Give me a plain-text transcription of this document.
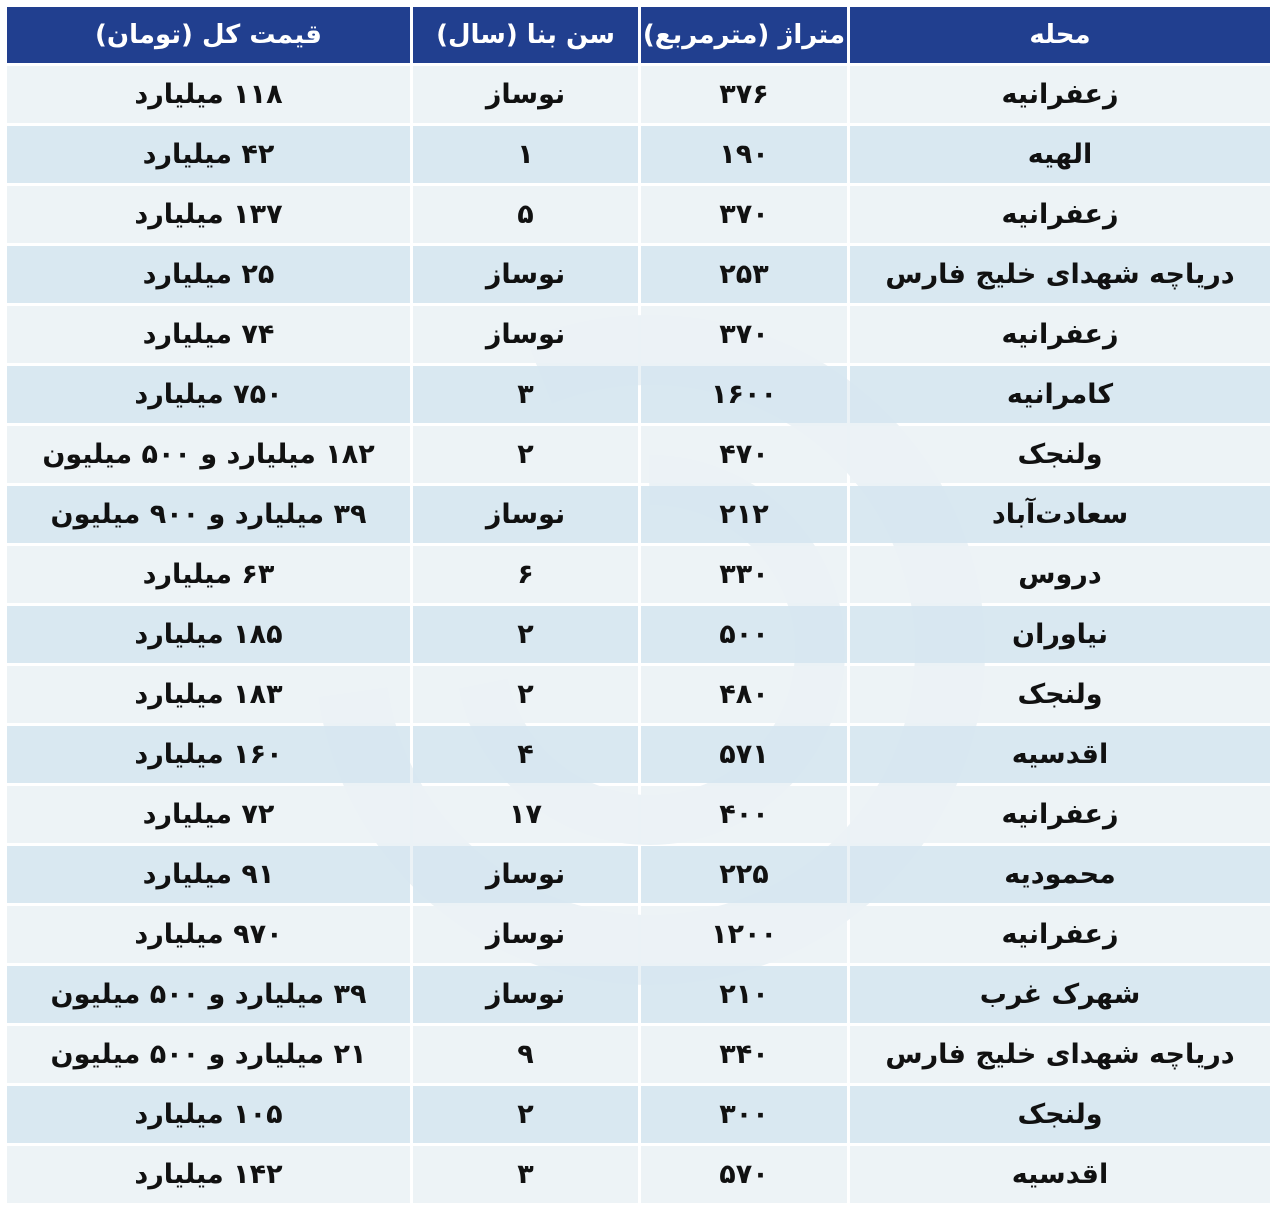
محله	متراژ (مترمربع)	سن بنا (سال)	قیمت کل (تومان)
زعفرانیه	۳۷۶	نوساز	۱۱۸ میلیارد
الهیه	۱۹۰	۱	۴۲ میلیارد
زعفرانیه	۳۷۰	۵	۱۳۷ میلیارد
دریاچه شهدای خلیج فارس	۲۵۳	نوساز	۲۵ میلیارد
زعفرانیه	۳۷۰	نوساز	۷۴ میلیارد
کامرانیه	۱۶۰۰	۳	۷۵۰ میلیارد
ولنجک	۴۷۰	۲	۱۸۲ میلیارد و ۵۰۰ میلیون
سعادت‌آباد	۲۱۲	نوساز	۳۹ میلیارد و ۹۰۰ میلیون
دروس	۳۳۰	۶	۶۳ میلیارد
نیاوران	۵۰۰	۲	۱۸۵ میلیارد
ولنجک	۴۸۰	۲	۱۸۳ میلیارد
اقدسیه	۵۷۱	۴	۱۶۰ میلیارد
زعفرانیه	۴۰۰	۱۷	۷۲ میلیارد
محمودیه	۲۲۵	نوساز	۹۱ میلیارد
زعفرانیه	۱۲۰۰	نوساز	۹۷۰ میلیارد
شهرک غرب	۲۱۰	نوساز	۳۹ میلیارد و ۵۰۰ میلیون
دریاچه شهدای خلیج فارس	۳۴۰	۹	۲۱ میلیارد و ۵۰۰ میلیون
ولنجک	۳۰۰	۲	۱۰۵ میلیارد
اقدسیه	۵۷۰	۳	۱۴۲ میلیارد
